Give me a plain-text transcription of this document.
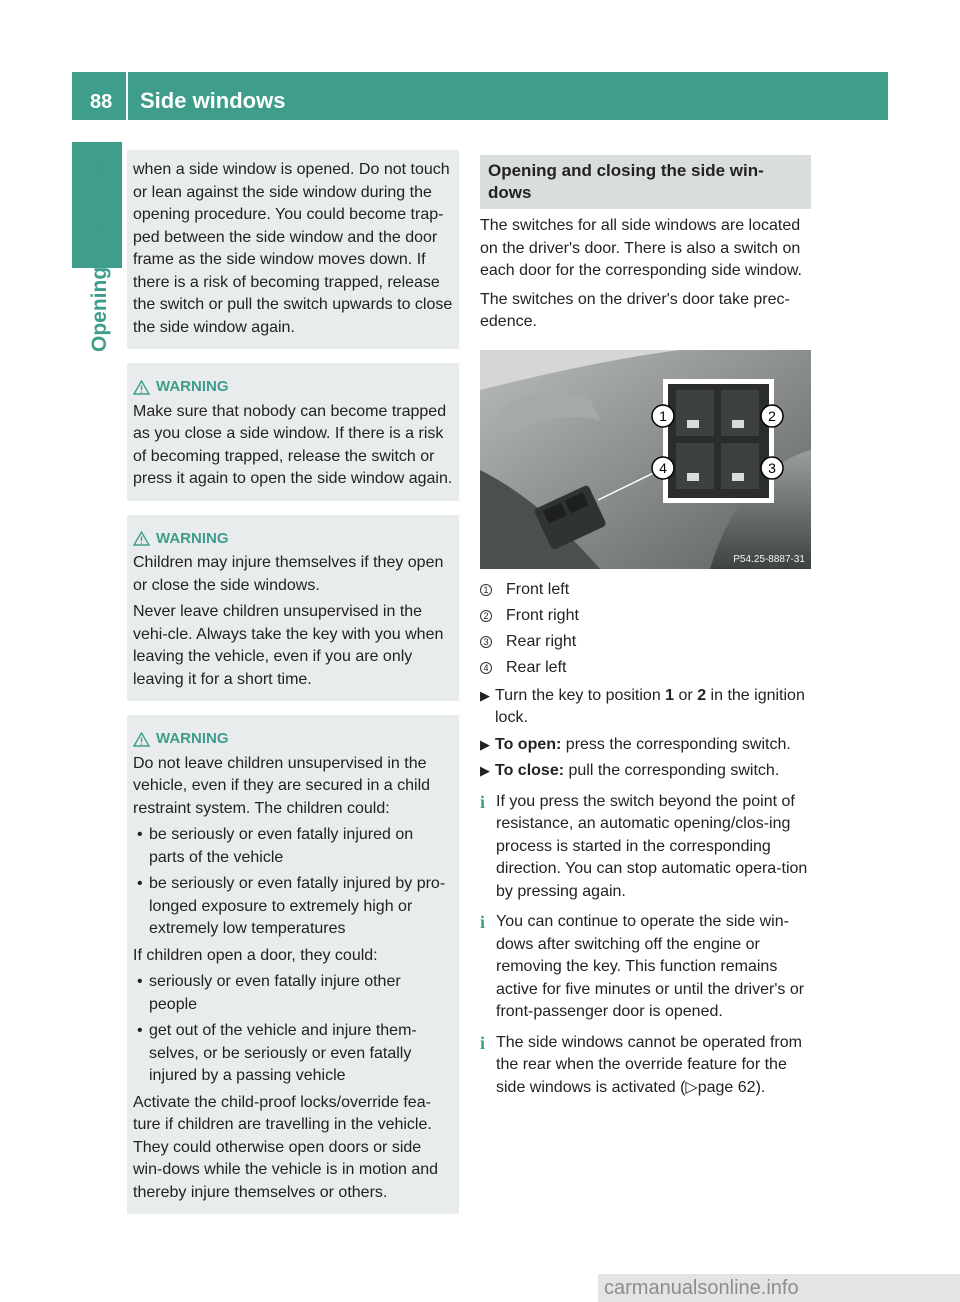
88 Side windows
Opening and closing when a side window is opened. Do not touch or lean against the side window during the opening procedure. You could become trap-ped between the side window and the door frame as the side window moves down. If there is a risk of becoming trapped, release the switch or pull the switch upwards to close the side window again.

WARNING

Make sure that nobody can become trapped as you close a side window. If there is a risk of becoming trapped, release the switch or press it again to open the side window again.

WARNING

Children may injure themselves if they open or close the side windows.

Never leave children unsupervised in the vehi-cle. Always take the key with you when leaving the vehicle, even if you are only leaving it for a short time.

WARNING

Do not leave children unsupervised in the vehicle, even if they are secured in a child restraint system. The children could:

• be seriously or even fatally injured on parts of the vehicle
• be seriously or even fatally injured by pro-longed exposure to extremely high or extremely low temperatures

If children open a door, they could:

• seriously or even fatally injure other people
• get out of the vehicle and injure them-selves, or be seriously or even fatally injured by a passing vehicle

Activate the child-proof locks/override fea-ture if children are travelling in the vehicle. They could otherwise open doors or side win-dows while the vehicle is in motion and thereby injure themselves or others.

Opening and closing the side win-dows

The switches for all side windows are located on the driver's door. There is also a switch on each door for the corresponding side window.

The switches on the driver's door take prec-edence.

1	2
3
4
P54.25-8887-31
1 Front left
2 Front right
3 Rear right
4 Rear left
▶ Turn the key to position 1 or 2 in the ignition lock.
▶ To open: press the corresponding switch.
▶ To close: pull the corresponding switch.
i If you press the switch beyond the point of resistance, an automatic opening/clos-ing process is started in the corresponding direction. You can stop automatic opera-tion by pressing again.
i You can continue to operate the side win-dows after switching off the engine or removing the key. This function remains active for five minutes or until the driver's or front-passenger door is opened.
i The side windows cannot be operated from the rear when the override feature for the side windows is activated (▷page 62).
carmanualsonline.info
